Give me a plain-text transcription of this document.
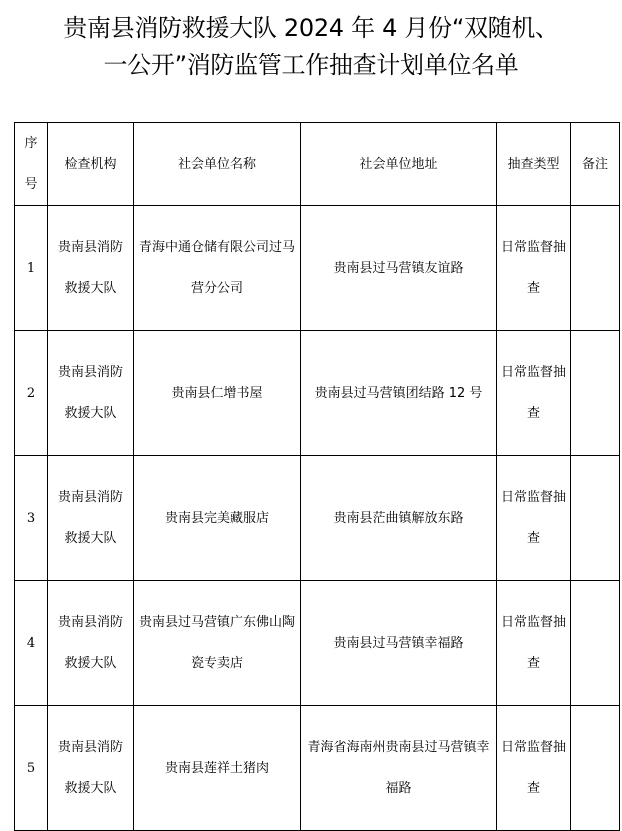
贵南县消防救援大队 2024 年 4 月份“双随机、
一公开”消防监管工作抽查计划单位名单
序号	检查机构	社会单位名称	社会单位地址	抽查类型	备注
1	贵南县消防救援大队	青海中通仓储有限公司过马营分公司	贵南县过马营镇友谊路	日常监督抽查	
2	贵南县消防救援大队	贵南县仁增书屋	贵南县过马营镇团结路 12 号	日常监督抽查	
3	贵南县消防救援大队	贵南县完美藏服店	贵南县茫曲镇解放东路	日常监督抽查	
4	贵南县消防救援大队	贵南县过马营镇广东佛山陶瓷专卖店	贵南县过马营镇幸福路	日常监督抽查	
5	贵南县消防救援大队	贵南县莲祥土猪肉	青海省海南州贵南县过马营镇幸福路	日常监督抽查	
